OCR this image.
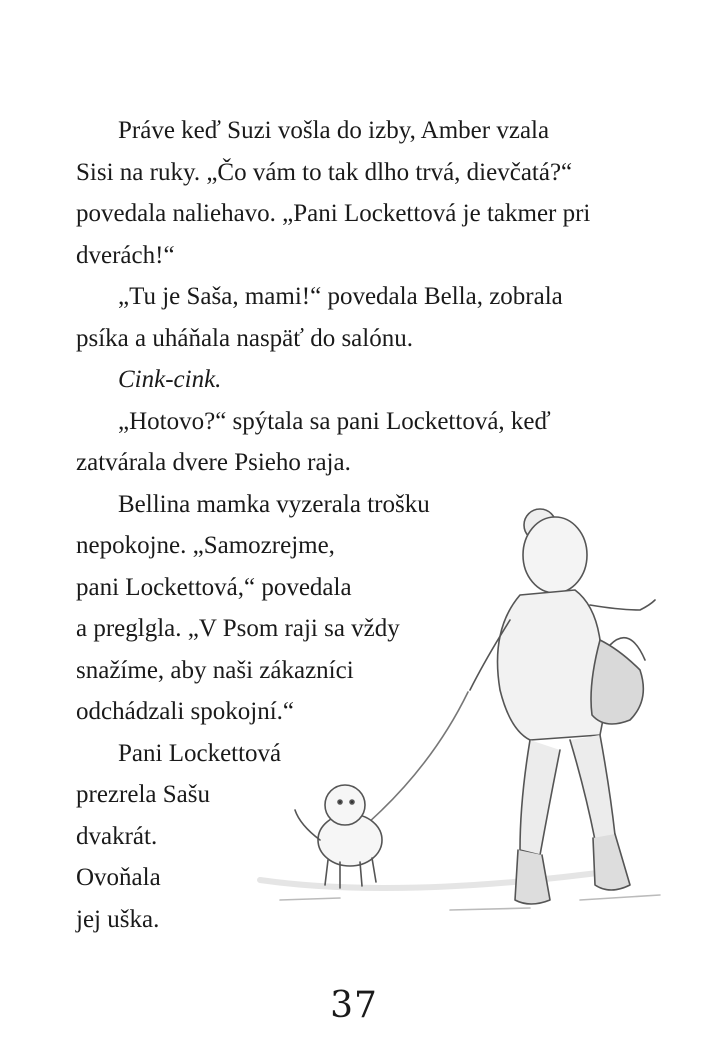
Práve keď Suzi vošla do izby, Amber vzala
Sisi na ruky. „Čo vám to tak dlho trvá, dievčatá?“
povedala naliehavo. „Pani Lockettová je takmer pri
dverách!“
„Tu je Saša, mami!“ povedala Bella, zobrala
psíka a uháňala naspäť do salónu.
Cink-cink.
„Hotovo?“ spýtala sa pani Lockettová, keď
zatvárala dvere Psieho raja.
Bellina mamka vyzerala trošku
nepokojne. „Samozrejme,
pani Lockettová,“ povedala
a preglgla. „V Psom raji sa vždy
snažíme, aby naši zákazníci
odchádzali spokojní.“
Pani Lockettová
prezrela Sašu
dvakrát.
Ovoňala
jej uška.
37
